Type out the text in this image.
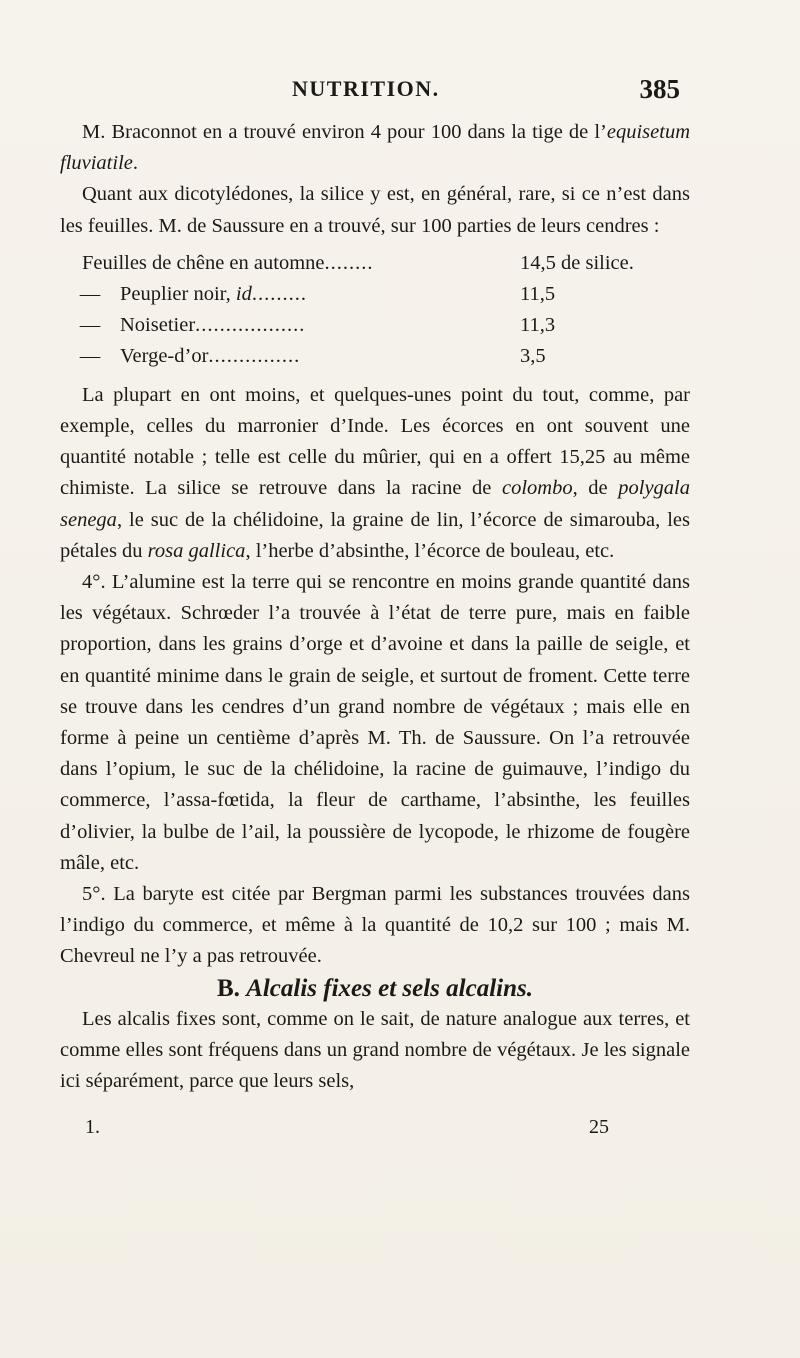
NUTRITION.	385

M. Braconnot en a trouvé environ 4 pour 100 dans la tige de l’equisetum fluviatile.

Quant aux dicotylédones, la silice y est, en général, rare, si ce n’est dans les feuilles. M. de Saussure en a trouvé, sur 100 parties de leurs cendres :

Feuilles de chêne en automne ........	14,5 de silice.
— Peuplier noir, id .........	11,5
— Noisetier ..................	11,3
— Verge-d’or ...............	3,5

La plupart en ont moins, et quelques-unes point du tout, comme, par exemple, celles du marronier d’Inde. Les écorces en ont souvent une quantité notable ; telle est celle du mûrier, qui en a offert 15,25 au même chimiste. La silice se retrouve dans la racine de colombo, de polygala senega, le suc de la chélidoine, la graine de lin, l’écorce de simarouba, les pétales du rosa gallica, l’herbe d’absinthe, l’écorce de bouleau, etc.

4°. L’alumine est la terre qui se rencontre en moins grande quantité dans les végétaux. Schrœder l’a trouvée à l’état de terre pure, mais en faible proportion, dans les grains d’orge et d’avoine et dans la paille de seigle, et en quantité minime dans le grain de seigle, et surtout de froment. Cette terre se trouve dans les cendres d’un grand nombre de végétaux ; mais elle en forme à peine un centième d’après M. Th. de Saussure. On l’a retrouvée dans l’opium, le suc de la chélidoine, la racine de guimauve, l’indigo du commerce, l’assa-fœtida, la fleur de carthame, l’absinthe, les feuilles d’olivier, la bulbe de l’ail, la poussière de lycopode, le rhizome de fougère mâle, etc.

5°. La baryte est citée par Bergman parmi les substances trouvées dans l’indigo du commerce, et même à la quantité de 10,2 sur 100 ; mais M. Chevreul ne l’y a pas retrouvée.

B. Alcalis fixes et sels alcalins.

Les alcalis fixes sont, comme on le sait, de nature analogue aux terres, et comme elles sont fréquens dans un grand nombre de végétaux. Je les signale ici séparément, parce que leurs sels,

1.	25
